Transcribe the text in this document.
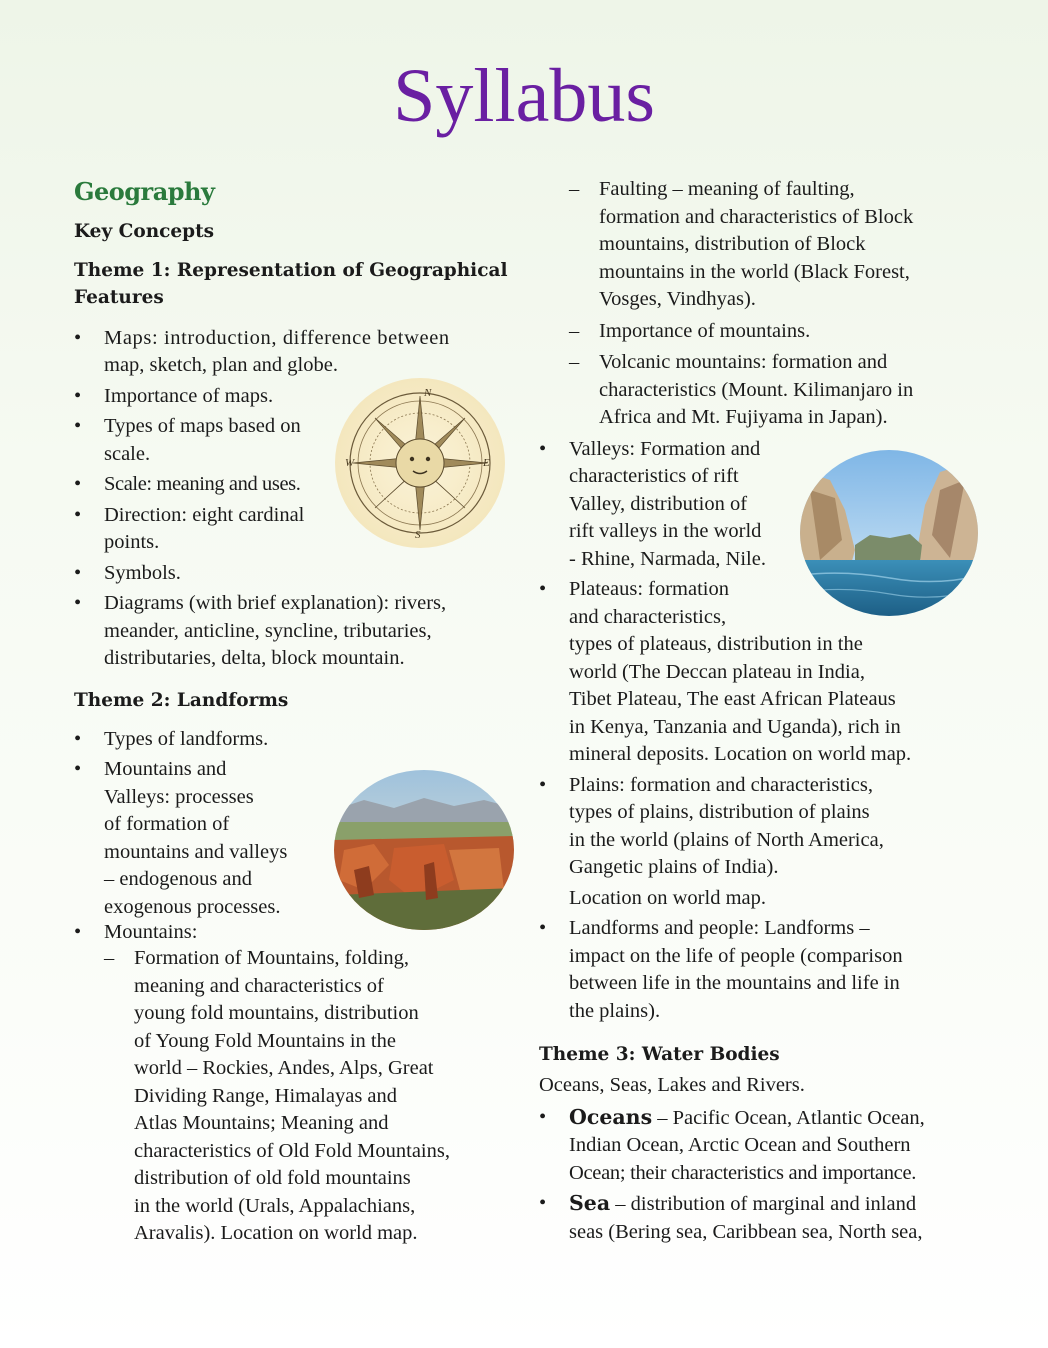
Syllabus
Geography
Key Concepts
Theme 1: Representation of Geographical
Features
•	Maps: introduction, difference between
map, sketch, plan and globe.
•	Importance of maps.
•	Types of maps based on
scale.
•	Scale: meaning and uses.
•	Direction: eight cardinal
points.
•	Symbols.
•	Diagrams (with brief explanation): rivers,
meander, anticline, syncline, tributaries,
distributaries, delta, block mountain.
Theme 2: Landforms
•	Types of landforms.
•	Mountains and
Valleys: processes
of formation of
mountains and valleys
– endogenous and
exogenous processes.
•	Mountains:
– Formation of Mountains, folding,
meaning and characteristics of
young fold mountains, distribution
of Young Fold Mountains in the
world – Rockies, Andes, Alps, Great
Dividing Range, Himalayas and
Atlas Mountains; Meaning and
characteristics of Old Fold Mountains,
distribution of old fold mountains
in the world (Urals, Appalachians,
Aravalis). Location on world map.
– Faulting – meaning of faulting,
formation and characteristics of Block
mountains, distribution of Block
mountains in the world (Black Forest,
Vosges, Vindhyas).
– Importance of mountains.
– Volcanic mountains: formation and
characteristics (Mount. Kilimanjaro in
Africa and Mt. Fujiyama in Japan).
•	Valleys: Formation and
characteristics of rift
Valley, distribution of
rift valleys in the world
- Rhine, Narmada, Nile.
•	Plateaus: formation
and characteristics,
types of plateaus, distribution in the
world (The Deccan plateau in India,
Tibet Plateau, The east African Plateaus
in Kenya, Tanzania and Uganda), rich in
mineral deposits. Location on world map.
•	Plains: formation and characteristics,
types of plains, distribution of plains
in the world (plains of North America,
Gangetic plains of India).
Location on world map.
•	Landforms and people: Landforms –
impact on the life of people (comparison
between life in the mountains and life in
the plains).
Theme 3: Water Bodies
Oceans, Seas, Lakes and Rivers.
•	Oceans – Pacific Ocean, Atlantic Ocean,
Indian Ocean, Arctic Ocean and Southern
Ocean; their characteristics and importance.
•	Sea – distribution of marginal and inland
seas (Bering sea, Caribbean sea, North sea,
N
E
S
W
